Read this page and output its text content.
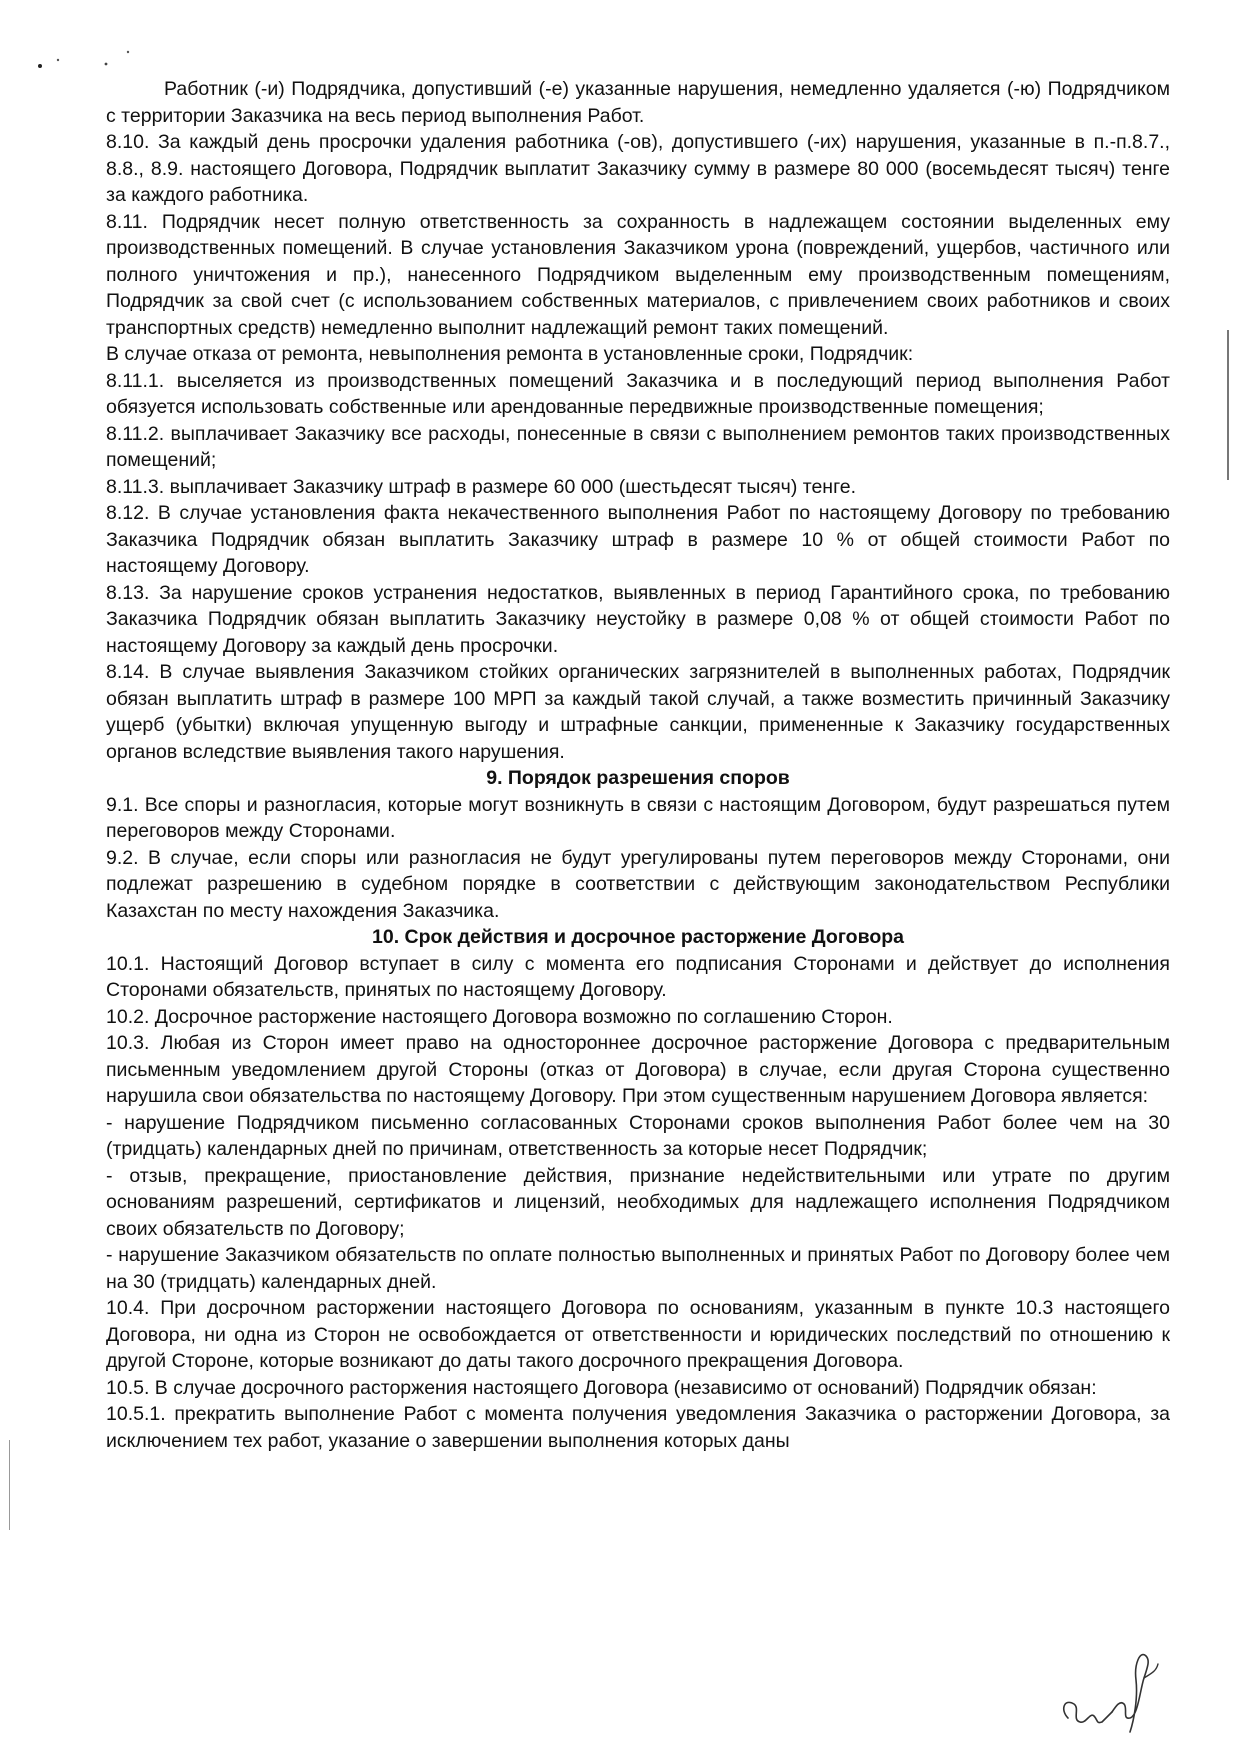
Работник (-и) Подрядчика, допустивший (-е) указанные нарушения, немедленно удаляется (-ю) Подрядчиком с территории Заказчика на весь период выполнения Работ.

8.10. За каждый день просрочки удаления работника (-ов), допустившего (-их) нарушения, указанные в п.-п.8.7., 8.8., 8.9. настоящего Договора, Подрядчик выплатит Заказчику сумму в размере 80 000 (восемьдесят тысяч) тенге за каждого работника.

8.11. Подрядчик несет полную ответственность за сохранность в надлежащем состоянии выделенных ему производственных помещений. В случае установления Заказчиком урона (повреждений, ущербов, частичного или полного уничтожения и пр.), нанесенного Подрядчиком выделенным ему производственным помещениям, Подрядчик за свой счет (с использованием собственных материалов, с привлечением своих работников и своих транспортных средств) немедленно выполнит надлежащий ремонт таких помещений.

В случае отказа от ремонта, невыполнения ремонта в установленные сроки, Подрядчик:

8.11.1. выселяется из производственных помещений Заказчика и в последующий период выполнения Работ обязуется использовать собственные или арендованные передвижные производственные помещения;

8.11.2. выплачивает Заказчику все расходы, понесенные в связи с выполнением ремонтов таких производственных помещений;

8.11.3. выплачивает Заказчику штраф в размере 60 000 (шестьдесят тысяч) тенге.

8.12. В случае установления факта некачественного выполнения Работ по настоящему Договору по требованию Заказчика Подрядчик обязан выплатить Заказчику штраф в размере 10 % от общей стоимости Работ по настоящему Договору.

8.13. За нарушение сроков устранения недостатков, выявленных в период Гарантийного срока, по требованию Заказчика Подрядчик обязан выплатить Заказчику неустойку в размере 0,08 % от общей стоимости Работ по настоящему Договору за каждый день просрочки.

8.14. В случае выявления Заказчиком стойких органических загрязнителей в выполненных работах, Подрядчик обязан выплатить штраф в размере 100 МРП за каждый такой случай, а также возместить причинный Заказчику ущерб (убытки) включая упущенную выгоду и штрафные санкции, примененные к Заказчику государственных органов вследствие выявления такого нарушения.

9. Порядок разрешения споров

9.1. Все споры и разногласия, которые могут возникнуть в связи с настоящим Договором, будут разрешаться путем переговоров между Сторонами.

9.2. В случае, если споры или разногласия не будут урегулированы путем переговоров между Сторонами, они подлежат разрешению в судебном порядке в соответствии с действующим законодательством Республики Казахстан по месту нахождения Заказчика.

10. Срок действия и досрочное расторжение Договора

10.1. Настоящий Договор вступает в силу с момента его подписания Сторонами и действует до исполнения Сторонами обязательств, принятых по настоящему Договору.

10.2. Досрочное расторжение настоящего Договора возможно по соглашению Сторон.

10.3. Любая из Сторон имеет право на одностороннее досрочное расторжение Договора с предварительным письменным уведомлением другой Стороны (отказ от Договора) в случае, если другая Сторона существенно нарушила свои обязательства по настоящему Договору. При этом существенным нарушением Договора является:

- нарушение Подрядчиком письменно согласованных Сторонами сроков выполнения Работ более чем на 30 (тридцать) календарных дней по причинам, ответственность за которые несет Подрядчик;

- отзыв, прекращение, приостановление действия, признание недействительными или утрате по другим основаниям разрешений, сертификатов и лицензий, необходимых для надлежащего исполнения Подрядчиком своих обязательств по Договору;

- нарушение Заказчиком обязательств по оплате полностью выполненных и принятых Работ по Договору более чем на 30 (тридцать) календарных дней.

10.4. При досрочном расторжении настоящего Договора по основаниям, указанным в пункте 10.3 настоящего Договора, ни одна из Сторон не освобождается от ответственности и юридических последствий по отношению к другой Стороне, которые возникают до даты такого досрочного прекращения Договора.

10.5. В случае досрочного расторжения настоящего Договора (независимо от оснований) Подрядчик обязан:

10.5.1. прекратить выполнение Работ с момента получения уведомления Заказчика о расторжении Договора, за исключением тех работ, указание о завершении выполнения которых даны
